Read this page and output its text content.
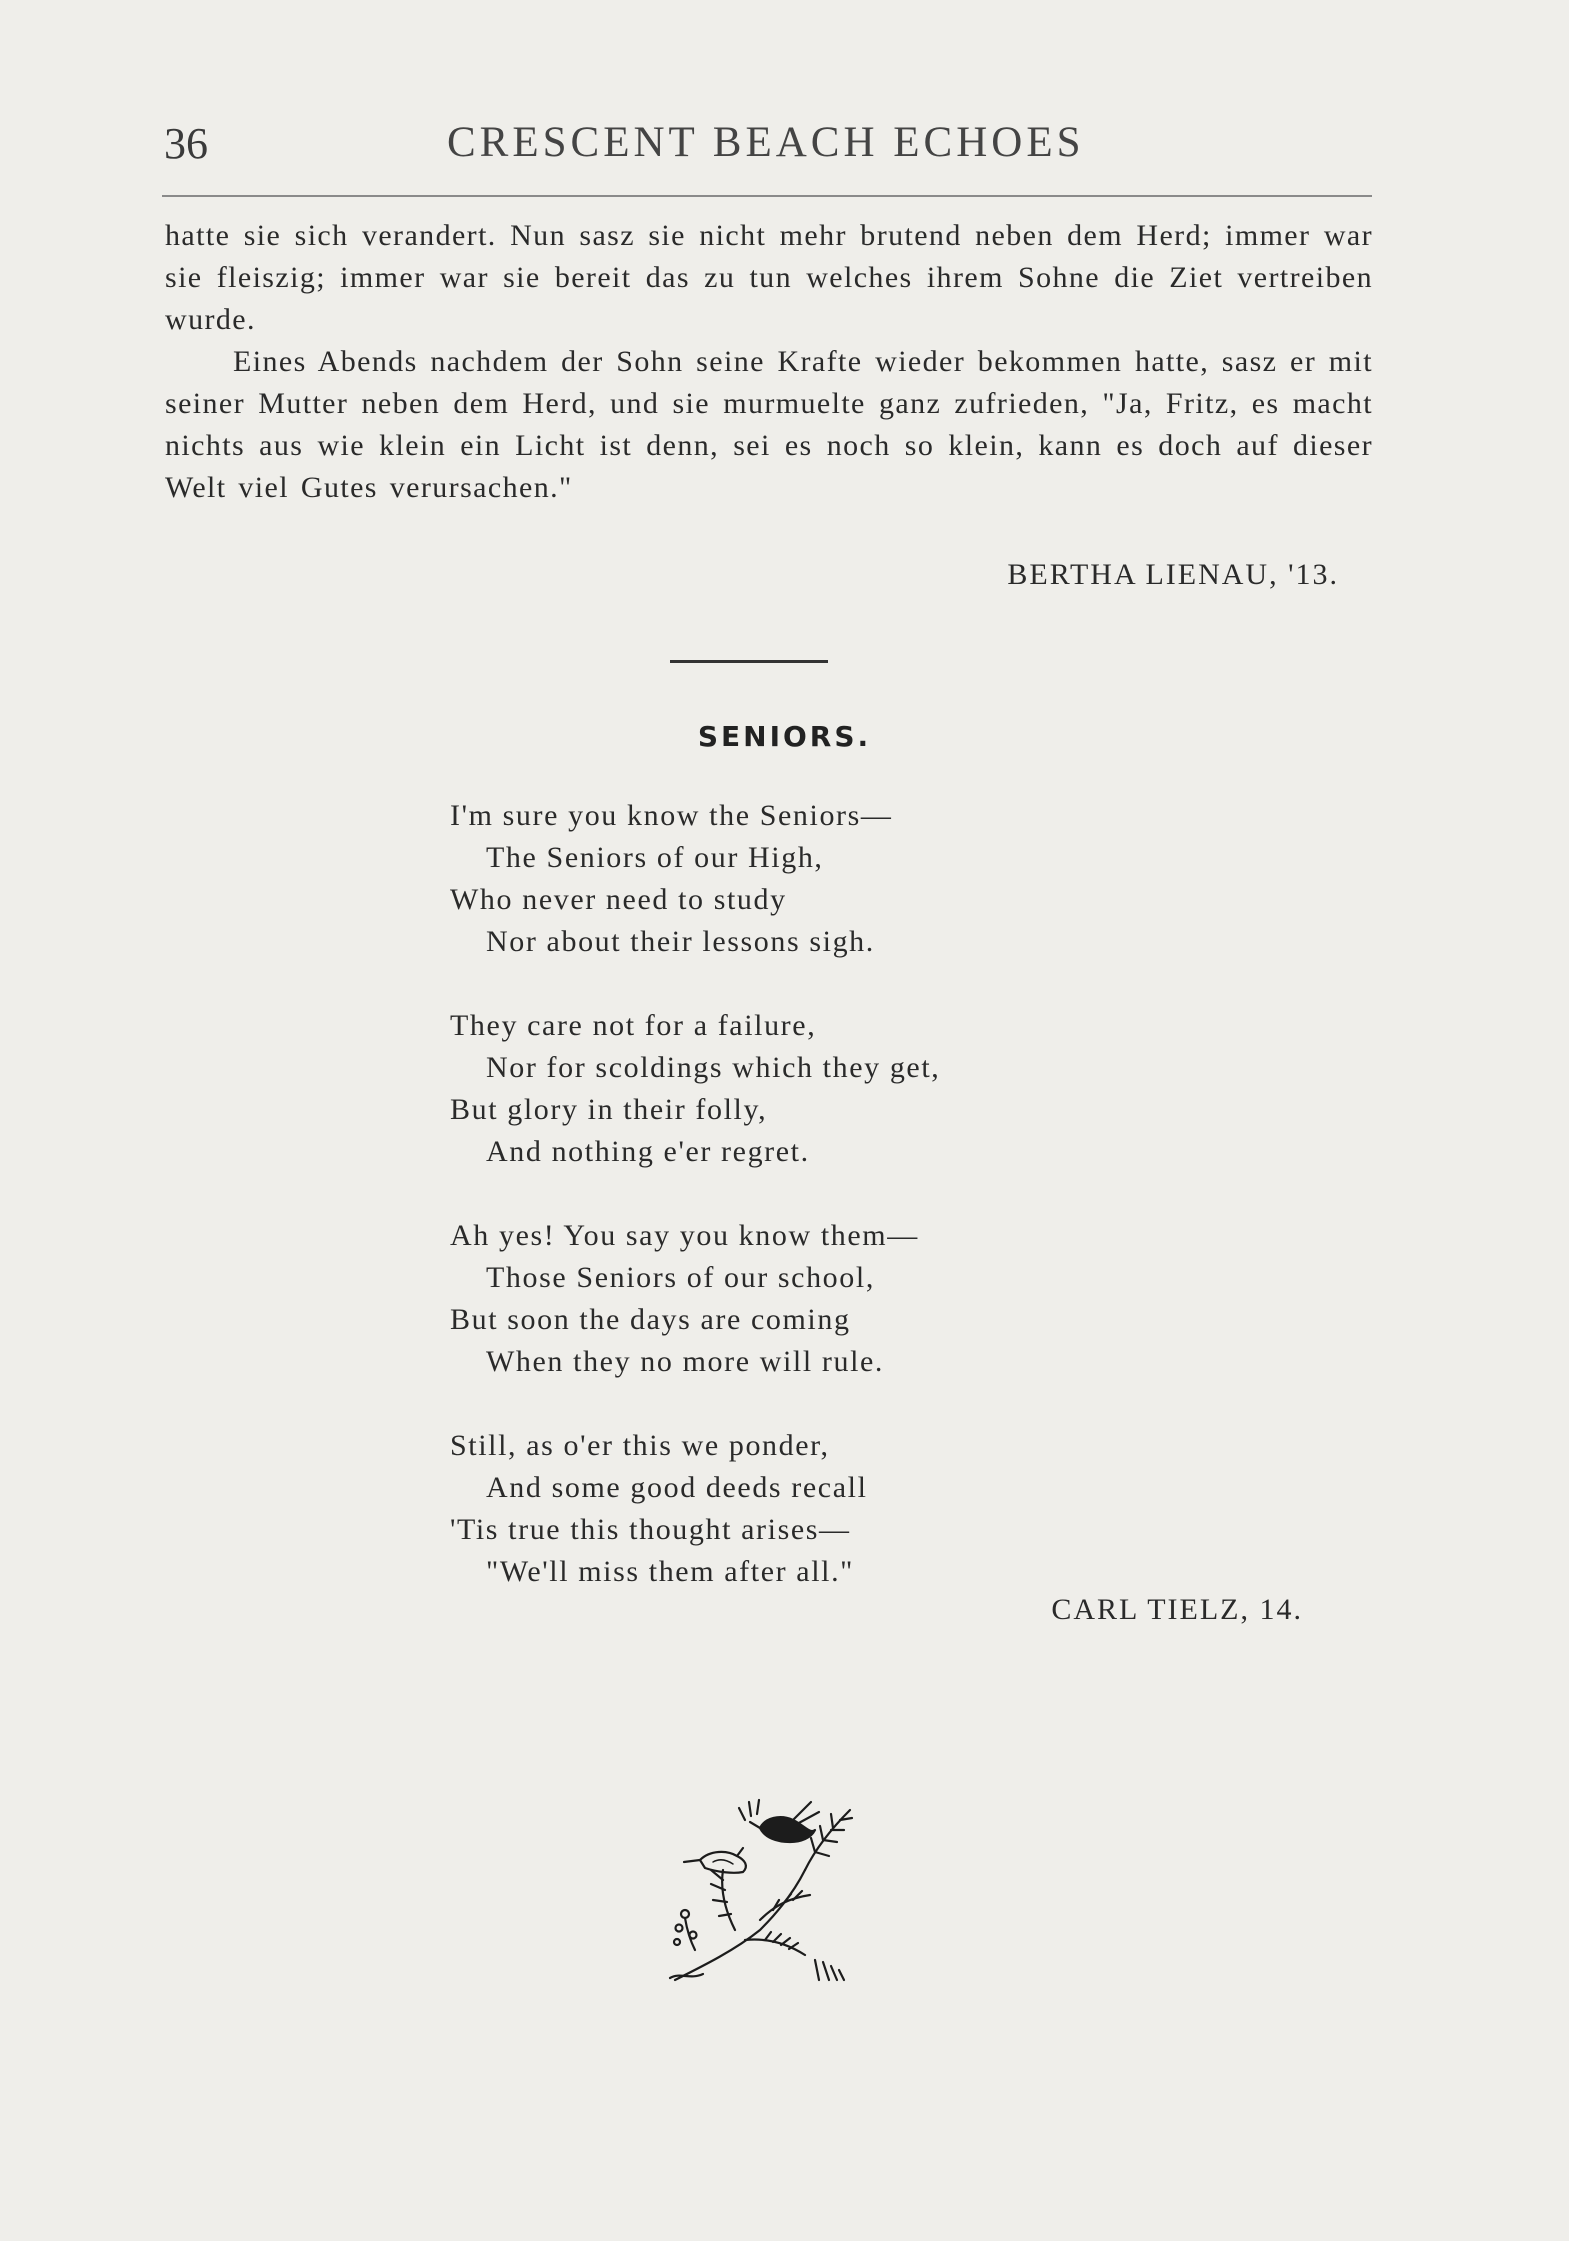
36	CRESCENT BEACH ECHOES

hatte sie sich verandert. Nun sasz sie nicht mehr brutend neben dem Herd; immer war sie fleiszig; immer war sie bereit das zu tun welches ihrem Sohne die Ziet vertreiben wurde.

Eines Abends nachdem der Sohn seine Krafte wieder bekommen hatte, sasz er mit seiner Mutter neben dem Herd, und sie murmuelte ganz zufrieden, "Ja, Fritz, es macht nichts aus wie klein ein Licht ist denn, sei es noch so klein, kann es doch auf dieser Welt viel Gutes verursachen."

BERTHA LIENAU, '13.
SENIORS.
I'm sure you know the Seniors—
The Seniors of our High,
Who never need to study
Nor about their lessons sigh.
They care not for a failure,
Nor for scoldings which they get,
But glory in their folly,
And nothing e'er regret.
Ah yes! You say you know them—
Those Seniors of our school,
But soon the days are coming
When they no more will rule.
Still, as o'er this we ponder,
And some good deeds recall
'Tis true this thought arises—
"We'll miss them after all."
CARL TIELZ, 14.
